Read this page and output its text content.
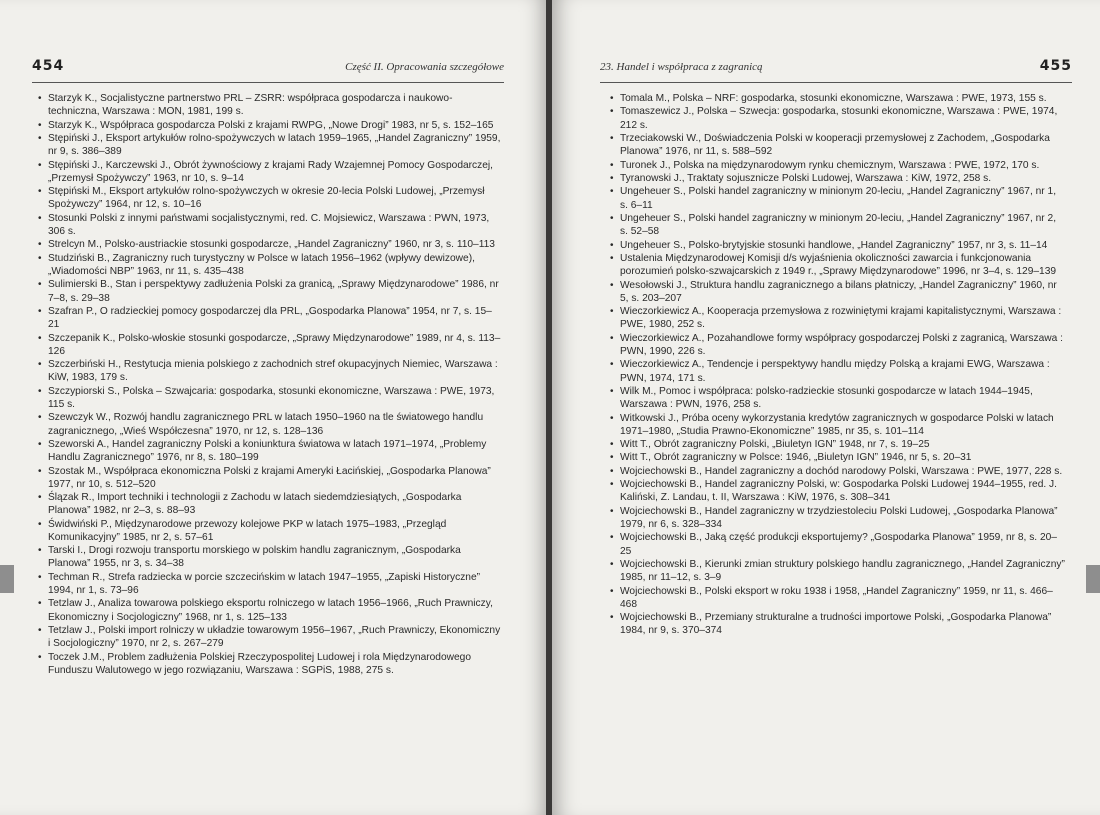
454	Część II. Opracowania szczegółowe
• Starzyk K., Socjalistyczne partnerstwo PRL – ZSRR: współpraca gospodarcza i naukowo-techniczna, Warszawa : MON, 1981, 199 s.
• Starzyk K., Współpraca gospodarcza Polski z krajami RWPG, „Nowe Drogi” 1983, nr 5, s. 152–165
• Stępiński J., Eksport artykułów rolno-spożywczych w latach 1959–1965, „Handel Zagraniczny” 1959, nr 9, s. 386–389
• Stępiński J., Karczewski J., Obrót żywnościowy z krajami Rady Wzajemnej Pomocy Gospodarczej, „Przemysł Spożywczy” 1963, nr 10, s. 9–14
• Stępiński M., Eksport artykułów rolno-spożywczych w okresie 20-lecia Polski Ludowej, „Przemysł Spożywczy” 1964, nr 12, s. 10–16
• Stosunki Polski z innymi państwami socjalistycznymi, red. C. Mojsiewicz, Warszawa : PWN, 1973, 306 s.
• Strelcyn M., Polsko-austriackie stosunki gospodarcze, „Handel Zagraniczny” 1960, nr 3, s. 110–113
• Studziński B., Zagraniczny ruch turystyczny w Polsce w latach 1956–1962 (wpływy dewizowe), „Wiadomości NBP” 1963, nr 11, s. 435–438
• Sulimierski B., Stan i perspektywy zadłużenia Polski za granicą, „Sprawy Międzynarodowe” 1986, nr 7–8, s. 29–38
• Szafran P., O radzieckiej pomocy gospodarczej dla PRL, „Gospodarka Planowa” 1954, nr 7, s. 15–21
• Szczepanik K., Polsko-włoskie stosunki gospodarcze, „Sprawy Międzynarodowe” 1989, nr 4, s. 113–126
• Szczerbiński H., Restytucja mienia polskiego z zachodnich stref okupacyjnych Niemiec, Warszawa : KiW, 1983, 179 s.
• Szczypiorski S., Polska – Szwajcaria: gospodarka, stosunki ekonomiczne, Warszawa : PWE, 1973, 115 s.
• Szewczyk W., Rozwój handlu zagranicznego PRL w latach 1950–1960 na tle światowego handlu zagranicznego, „Wieś Współczesna” 1970, nr 12, s. 128–136
• Szeworski A., Handel zagraniczny Polski a koniunktura światowa w latach 1971–1974, „Problemy Handlu Zagranicznego” 1976, nr 8, s. 180–199
• Szostak M., Współpraca ekonomiczna Polski z krajami Ameryki Łacińskiej, „Gospodarka Planowa” 1977, nr 10, s. 512–520
• Ślązak R., Import techniki i technologii z Zachodu w latach siedemdziesiątych, „Gospodarka Planowa” 1982, nr 2–3, s. 88–93
• Świdwiński P., Międzynarodowe przewozy kolejowe PKP w latach 1975–1983, „Przegląd Komunikacyjny” 1985, nr 2, s. 57–61
• Tarski I., Drogi rozwoju transportu morskiego w polskim handlu zagranicznym, „Gospodarka Planowa” 1955, nr 3, s. 34–38
• Techman R., Strefa radziecka w porcie szczecińskim w latach 1947–1955, „Zapiski Historyczne” 1994, nr 1, s. 73–96
• Tetzlaw J., Analiza towarowa polskiego eksportu rolniczego w latach 1956–1966, „Ruch Prawniczy, Ekonomiczny i Socjologiczny” 1968, nr 1, s. 125–133
• Tetzlaw J., Polski import rolniczy w układzie towarowym 1956–1967, „Ruch Prawniczy, Ekonomiczny i Socjologiczny” 1970, nr 2, s. 267–279
• Toczek J.M., Problem zadłużenia Polskiej Rzeczypospolitej Ludowej i rola Międzynarodowego Funduszu Walutowego w jego rozwiązaniu, Warszawa : SGPiS, 1988, 275 s.
23. Handel i współpraca z zagranicą	455
• Tomala M., Polska – NRF: gospodarka, stosunki ekonomiczne, Warszawa : PWE, 1973, 155 s.
• Tomaszewicz J., Polska – Szwecja: gospodarka, stosunki ekonomiczne, Warszawa : PWE, 1974, 212 s.
• Trzeciakowski W., Doświadczenia Polski w kooperacji przemysłowej z Zachodem, „Gospodarka Planowa” 1976, nr 11, s. 588–592
• Turonek J., Polska na międzynarodowym rynku chemicznym, Warszawa : PWE, 1972, 170 s.
• Tyranowski J., Traktaty sojusznicze Polski Ludowej, Warszawa : KiW, 1972, 258 s.
• Ungeheuer S., Polski handel zagraniczny w minionym 20-leciu, „Handel Zagraniczny” 1967, nr 1, s. 6–11
• Ungeheuer S., Polski handel zagraniczny w minionym 20-leciu, „Handel Zagraniczny” 1967, nr 2, s. 52–58
• Ungeheuer S., Polsko-brytyjskie stosunki handlowe, „Handel Zagraniczny” 1957, nr 3, s. 11–14
• Ustalenia Międzynarodowej Komisji d/s wyjaśnienia okoliczności zawarcia i funkcjonowania porozumień polsko-szwajcarskich z 1949 r., „Sprawy Międzynarodowe” 1996, nr 3–4, s. 129–139
• Wesołowski J., Struktura handlu zagranicznego a bilans płatniczy, „Handel Zagraniczny” 1960, nr 5, s. 203–207
• Wieczorkiewicz A., Kooperacja przemysłowa z rozwiniętymi krajami kapitalistycznymi, Warszawa : PWE, 1980, 252 s.
• Wieczorkiewicz A., Pozahandlowe formy współpracy gospodarczej Polski z zagranicą, Warszawa : PWN, 1990, 226 s.
• Wieczorkiewicz A., Tendencje i perspektywy handlu między Polską a krajami EWG, Warszawa : PWN, 1974, 171 s.
• Wilk M., Pomoc i współpraca: polsko-radzieckie stosunki gospodarcze w latach 1944–1945, Warszawa : PWN, 1976, 258 s.
• Witkowski J., Próba oceny wykorzystania kredytów zagranicznych w gospodarce Polski w latach 1971–1980, „Studia Prawno-Ekonomiczne” 1985, nr 35, s. 101–114
• Witt T., Obrót zagraniczny Polski, „Biuletyn IGN” 1948, nr 7, s. 19–25
• Witt T., Obrót zagraniczny w Polsce: 1946, „Biuletyn IGN” 1946, nr 5, s. 20–31
• Wojciechowski B., Handel zagraniczny a dochód narodowy Polski, Warszawa : PWE, 1977, 228 s.
• Wojciechowski B., Handel zagraniczny Polski, w: Gospodarka Polski Ludowej 1944–1955, red. J. Kaliński, Z. Landau, t. II, Warszawa : KiW, 1976, s. 308–341
• Wojciechowski B., Handel zagraniczny w trzydziestoleciu Polski Ludowej, „Gospodarka Planowa” 1979, nr 6, s. 328–334
• Wojciechowski B., Jaką część produkcji eksportujemy? „Gospodarka Planowa” 1959, nr 8, s. 20–25
• Wojciechowski B., Kierunki zmian struktury polskiego handlu zagranicznego, „Handel Zagraniczny” 1985, nr 11–12, s. 3–9
• Wojciechowski B., Polski eksport w roku 1938 i 1958, „Handel Zagraniczny” 1959, nr 11, s. 466–468
• Wojciechowski B., Przemiany strukturalne a trudności importowe Polski, „Gospodarka Planowa” 1984, nr 9, s. 370–374
